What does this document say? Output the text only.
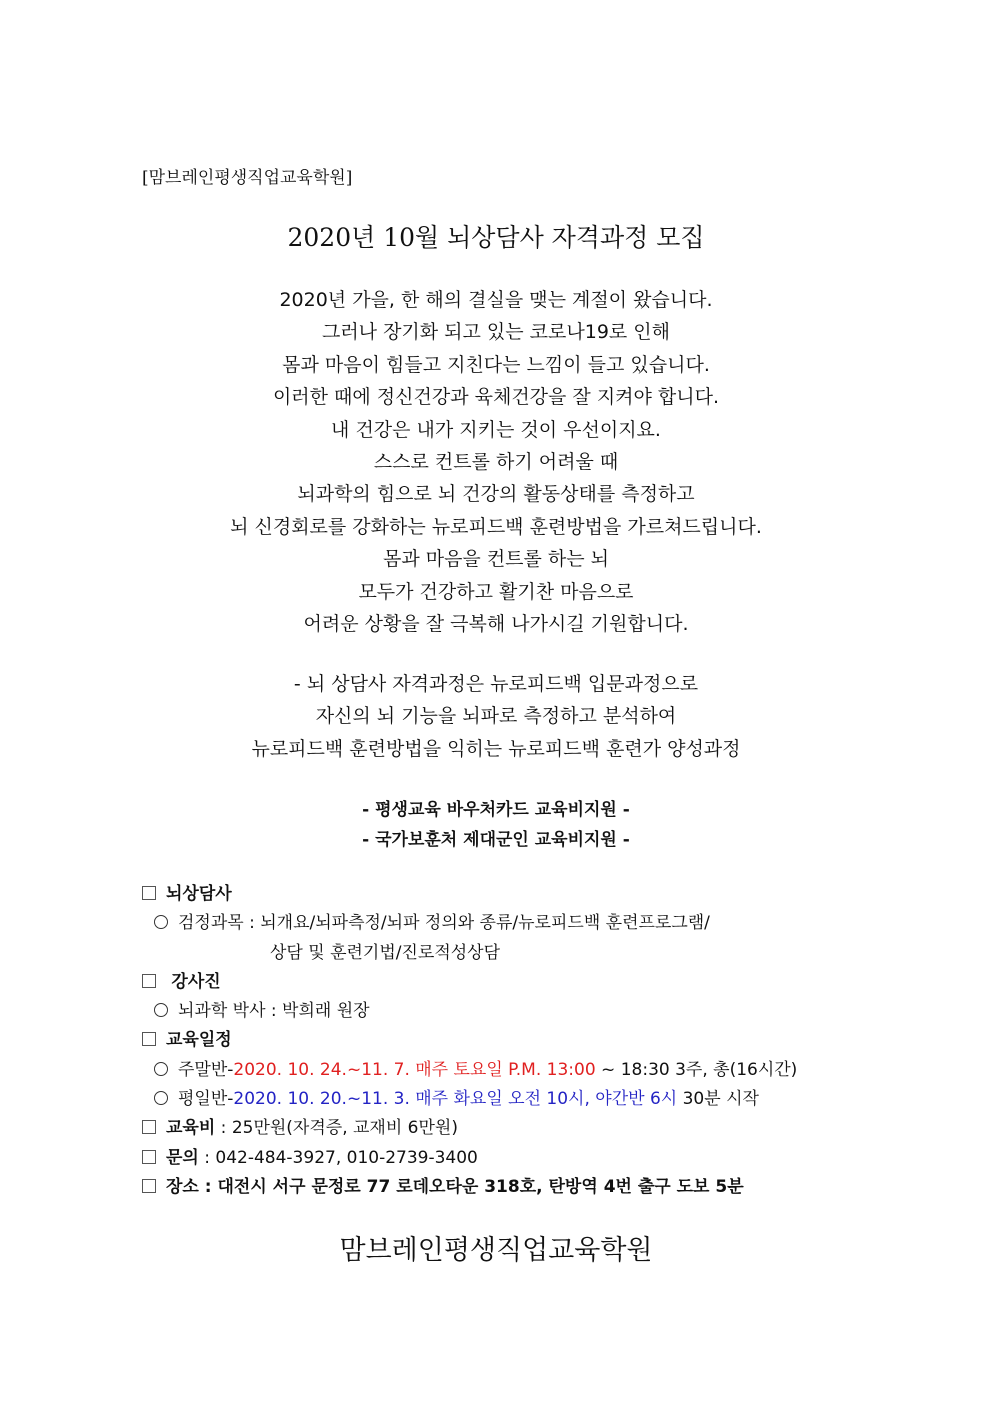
[맘브레인평생직업교육학원]
2020년 10월 뇌상담사 자격과정 모집
2020년 가을, 한 해의 결실을 맺는 계절이 왔습니다.
그러나 장기화 되고 있는 코로나19로 인해
몸과 마음이 힘들고 지친다는 느낌이 들고 있습니다.
이러한 때에 정신건강과 육체건강을 잘 지켜야 합니다.
내 건강은 내가 지키는 것이 우선이지요.
스스로 컨트롤 하기 어려울 때
뇌과학의 힘으로 뇌 건강의 활동상태를 측정하고
뇌 신경회로를 강화하는 뉴로피드백 훈련방법을 가르쳐드립니다.
몸과 마음을 컨트롤 하는 뇌
모두가 건강하고 활기찬 마음으로
어려운 상황을 잘 극복해 나가시길 기원합니다.
- 뇌 상담사 자격과정은 뉴로피드백 입문과정으로
자신의 뇌 기능을 뇌파로 측정하고 분석하여
뉴로피드백 훈련방법을 익히는 뉴로피드백 훈련가 양성과정
- 평생교육 바우처카드 교육비지원 -
- 국가보훈처 제대군인 교육비지원 -
뇌상담사
검정과목 : 뇌개요/뇌파측정/뇌파 정의와 종류/뉴로피드백 훈련프로그램/
상담 및 훈련기법/진로적성상담
강사진
뇌과학 박사 : 박희래 원장
교육일정
주말반-2020. 10. 24.~11. 7. 매주 토요일 P.M. 13:00 ~ 18:30 3주, 총(16시간)
평일반-2020. 10. 20.~11. 3. 매주 화요일 오전 10시, 야간반 6시 30분 시작
교육비 : 25만원(자격증, 교재비 6만원)
문의 : 042-484-3927, 010-2739-3400
장소 : 대전시 서구 문정로 77 로데오타운 318호, 탄방역 4번 출구 도보 5분
맘브레인평생직업교육학원
